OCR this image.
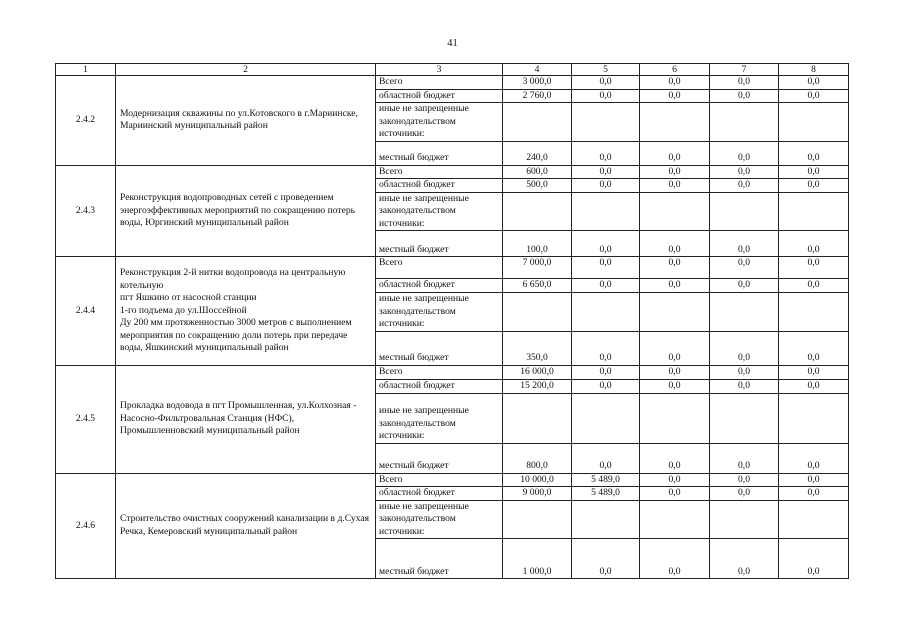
41
1	2	3	4	5	6	7	8
2.4.2	Модернизация скважины по ул.Котовского в г.Мариинске, Мариинский муниципальный район	Всего	3 000,0	0,0	0,0	0,0	0,0
		областной бюджет	2 760,0	0,0	0,0	0,0	0,0
		иные не запрещенные законодательством источники:					
		местный бюджет	240,0	0,0	0,0	0,0	0,0
2.4.3	Реконструкция водопроводных сетей с проведением энергоэффективных мероприятий по сокращению потерь воды, Юргинский муниципальный район	Всего	600,0	0,0	0,0	0,0	0,0
		областной бюджет	500,0	0,0	0,0	0,0	0,0
		иные не запрещенные законодательством источники:					
		местный бюджет	100,0	0,0	0,0	0,0	0,0
2.4.4	Реконструкция 2-й нитки водопровода на центральную котельную
пгт Яшкино от насосной станции
1-го подъема до ул.Шоссейной
Ду 200 мм протяженностью 3000 метров с выполнением мероприятия по сокращению доли потерь при передаче воды, Яшкинский муниципальный район	Всего	7 000,0	0,0	0,0	0,0	0,0
		областной бюджет	6 650,0	0,0	0,0	0,0	0,0
		иные не запрещенные законодательством источники:					
		местный бюджет	350,0	0,0	0,0	0,0	0,0
2.4.5	Прокладка водовода в пгт Промышленная, ул.Колхозная - Насосно-Фильтровальная Станция (НФС), Промышленновский муниципальный район	Всего	16 000,0	0,0	0,0	0,0	0,0
		областной бюджет	15 200,0	0,0	0,0	0,0	0,0
		иные не запрещенные законодательством источники:					
		местный бюджет	800,0	0,0	0,0	0,0	0,0
2.4.6	Строительство очистных сооружений канализации в д.Сухая Речка, Кемеровский муниципальный район	Всего	10 000,0	5 489,0	0,0	0,0	0,0
		областной бюджет	9 000,0	5 489,0	0,0	0,0	0,0
		иные не запрещенные законодательством источники:					
		местный бюджет	1 000,0	0,0	0,0	0,0	0,0
